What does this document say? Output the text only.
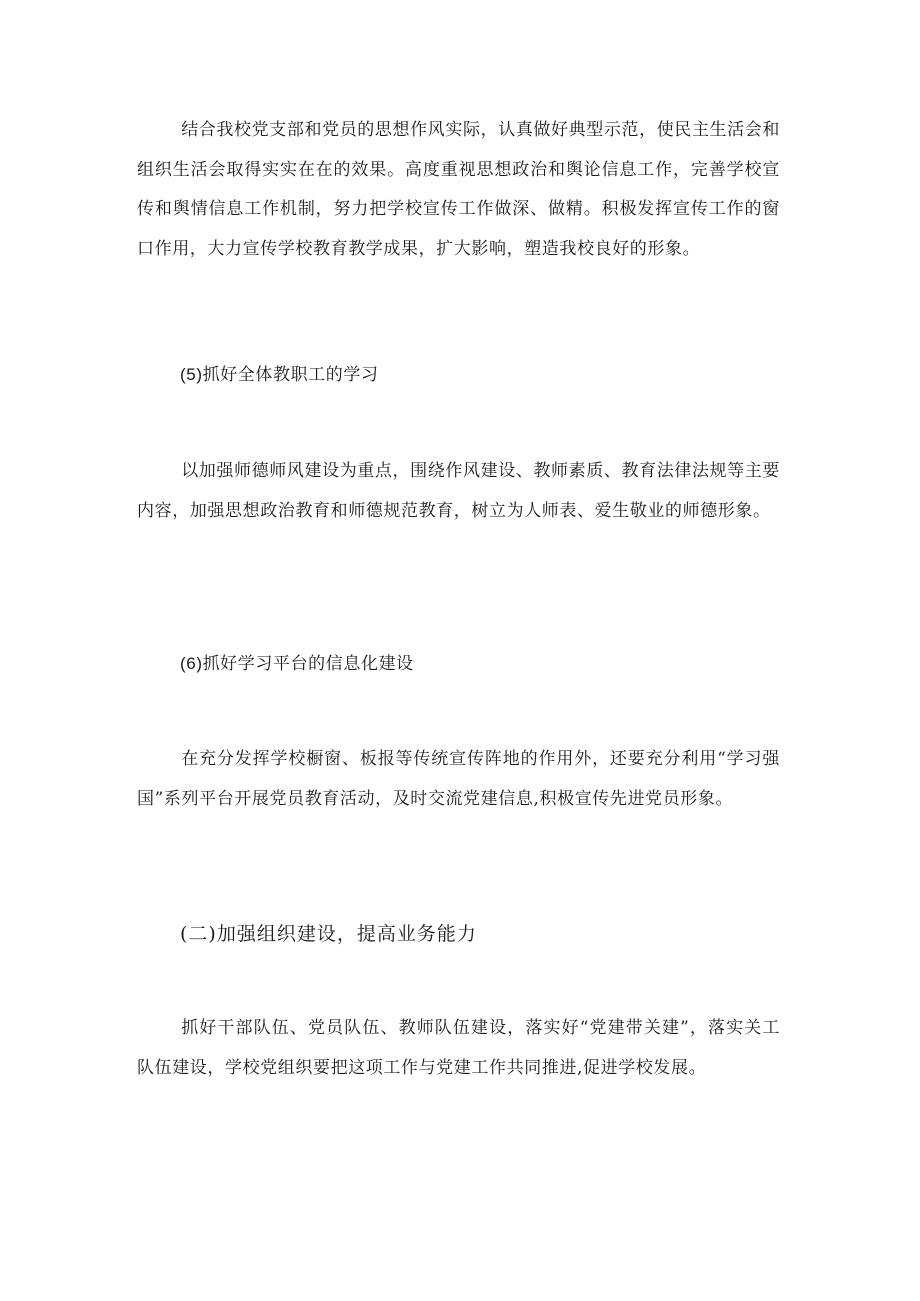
结合我校党支部和党员的思想作风实际，认真做好典型示范，使民主生活会和组织生活会取得实实在在的效果。高度重视思想政治和舆论信息工作，完善学校宣传和舆情信息工作机制，努力把学校宣传工作做深、做精。积极发挥宣传工作的窗口作用，大力宣传学校教育教学成果，扩大影响，塑造我校良好的形象。

(5)抓好全体教职工的学习

以加强师德师风建设为重点，围绕作风建设、教师素质、教育法律法规等主要内容，加强思想政治教育和师德规范教育，树立为人师表、爱生敬业的师德形象。

(6)抓好学习平台的信息化建设

在充分发挥学校橱窗、板报等传统宣传阵地的作用外，还要充分利用“学习强国”系列平台开展党员教育活动，及时交流党建信息,积极宣传先进党员形象。

(二)加强组织建设，提高业务能力

抓好干部队伍、党员队伍、教师队伍建设，落实好“党建带关建”，落实关工队伍建设，学校党组织要把这项工作与党建工作共同推进,促进学校发展。
